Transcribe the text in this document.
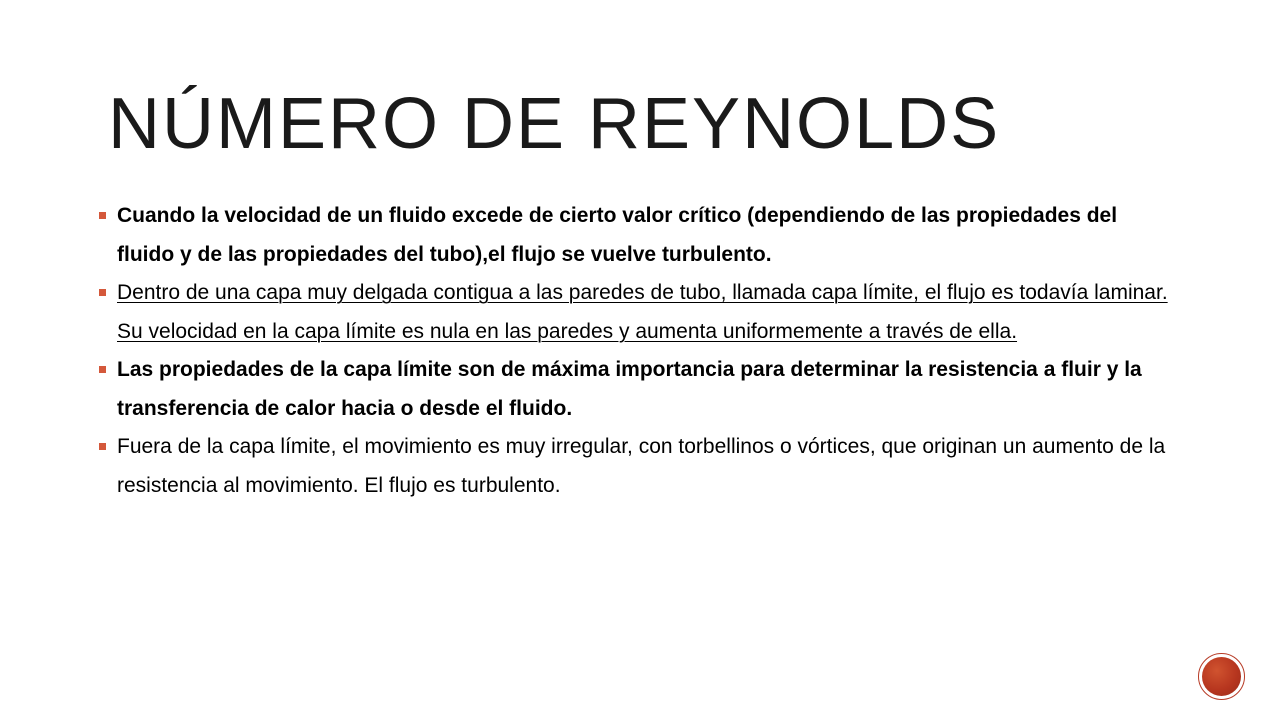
NÚMERO DE REYNOLDS
Cuando la velocidad de un fluido excede de cierto valor crítico (dependiendo de las propiedades del fluido y de las propiedades del tubo),el flujo se vuelve turbulento.
Dentro de una capa muy delgada contigua a las paredes de tubo, llamada capa límite, el flujo es todavía laminar. Su velocidad en la capa límite es nula en las paredes y aumenta uniformemente a través de ella.
Las propiedades de la capa límite son de máxima importancia para determinar la resistencia a fluir y la transferencia de calor hacia o desde el fluido.
Fuera de la capa límite, el movimiento es muy irregular, con torbellinos o vórtices, que originan un aumento de la resistencia al movimiento. El flujo es turbulento.
